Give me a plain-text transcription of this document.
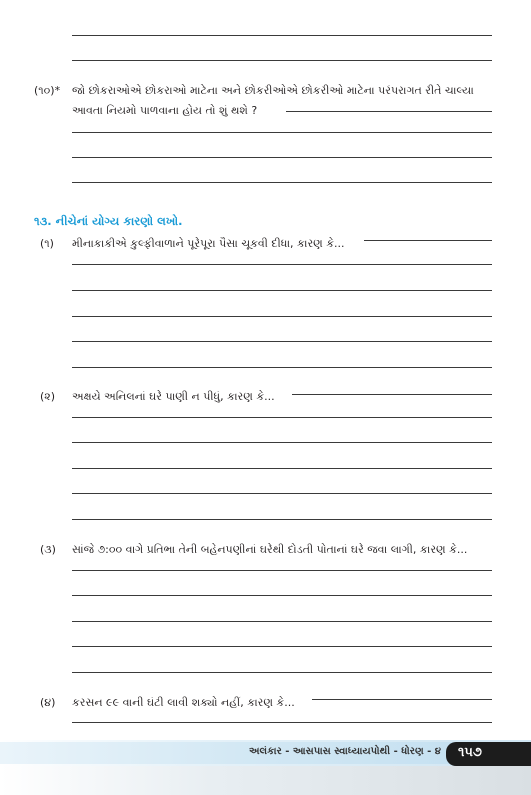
(૧૦)* જો છોકરાઓએ છોકરાઓ માટેના અને છોકરીઓએ છોકરીઓ માટેના પરંપરાગત રીતે ચાલ્યા
આવતા નિયમો પાળવાના હોય તો શું થશે ?
૧૩. નીચેનાં યોગ્ય કારણો લખો.
(૧) મીનાકાકીએ કુલ્ફીવાળાને પૂરેપૂરા પૈસા ચૂકવી દીધા, કારણ કે...
(૨) અક્ષયે અનિલનાં ઘરે પાણી ન પીધું, કારણ કે...
(૩) સાંજે ૭:૦૦ વાગે પ્રતિભા તેની બહેનપણીનાં ઘરેથી દોડતી પોતાનાં ઘરે જવા લાગી, કારણ કે...
(૪) કરસન ૯૯ વાની ઘંટી લાવી શક્યો નહીં, કારણ કે...
અલંકાર - આસપાસ સ્વાધ્યાયપોથી - ધોરણ - ૪ ૧૫૭
